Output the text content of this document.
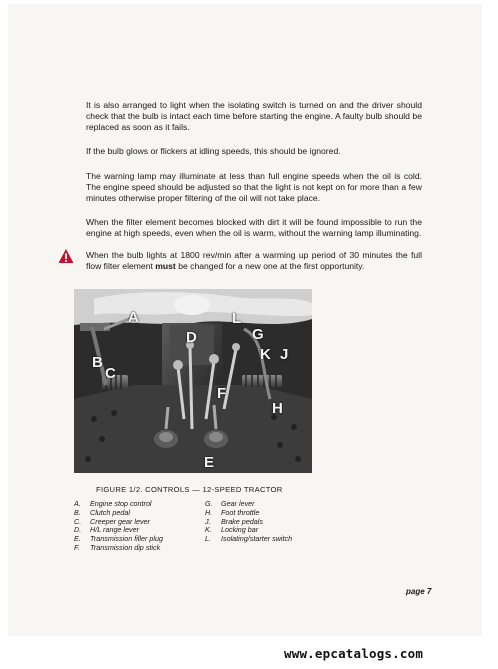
It is also arranged to light when the isolating switch is turned on and the driver should check that the bulb is intact each time before starting the engine. A faulty bulb should be replaced as soon as it fails.

If the bulb glows or flickers at idling speeds, this should be ignored.

The warning lamp may illuminate at less than full engine speeds when the oil is cold. The engine speed should be adjusted so that the light is not kept on for more than a few minutes otherwise proper filtering of the oil will not take place.

When the filter element becomes blocked with dirt it will be found impossible to run the engine at high speeds, even when the oil is warm, without the warning lamp illuminating.

When the bulb lights at 1800 rev/min after a warming up period of 30 minutes the full flow filter element must be changed for a new one at the first opportunity.

A
B
C
D
E
F
G
H
J
K
L

FIGURE 1/2. CONTROLS — 12-SPEED TRACTOR

A.	Engine stop control
B.	Clutch pedal
C.	Creeper gear lever
D.	H/L range lever
E.	Transmission filler plug
F.	Transmission dip stick
G.	Gear lever
H.	Foot throttle
J.	Brake pedals
K.	Locking bar
L.	Isolating/starter switch
page 7
www.epcatalogs.com
